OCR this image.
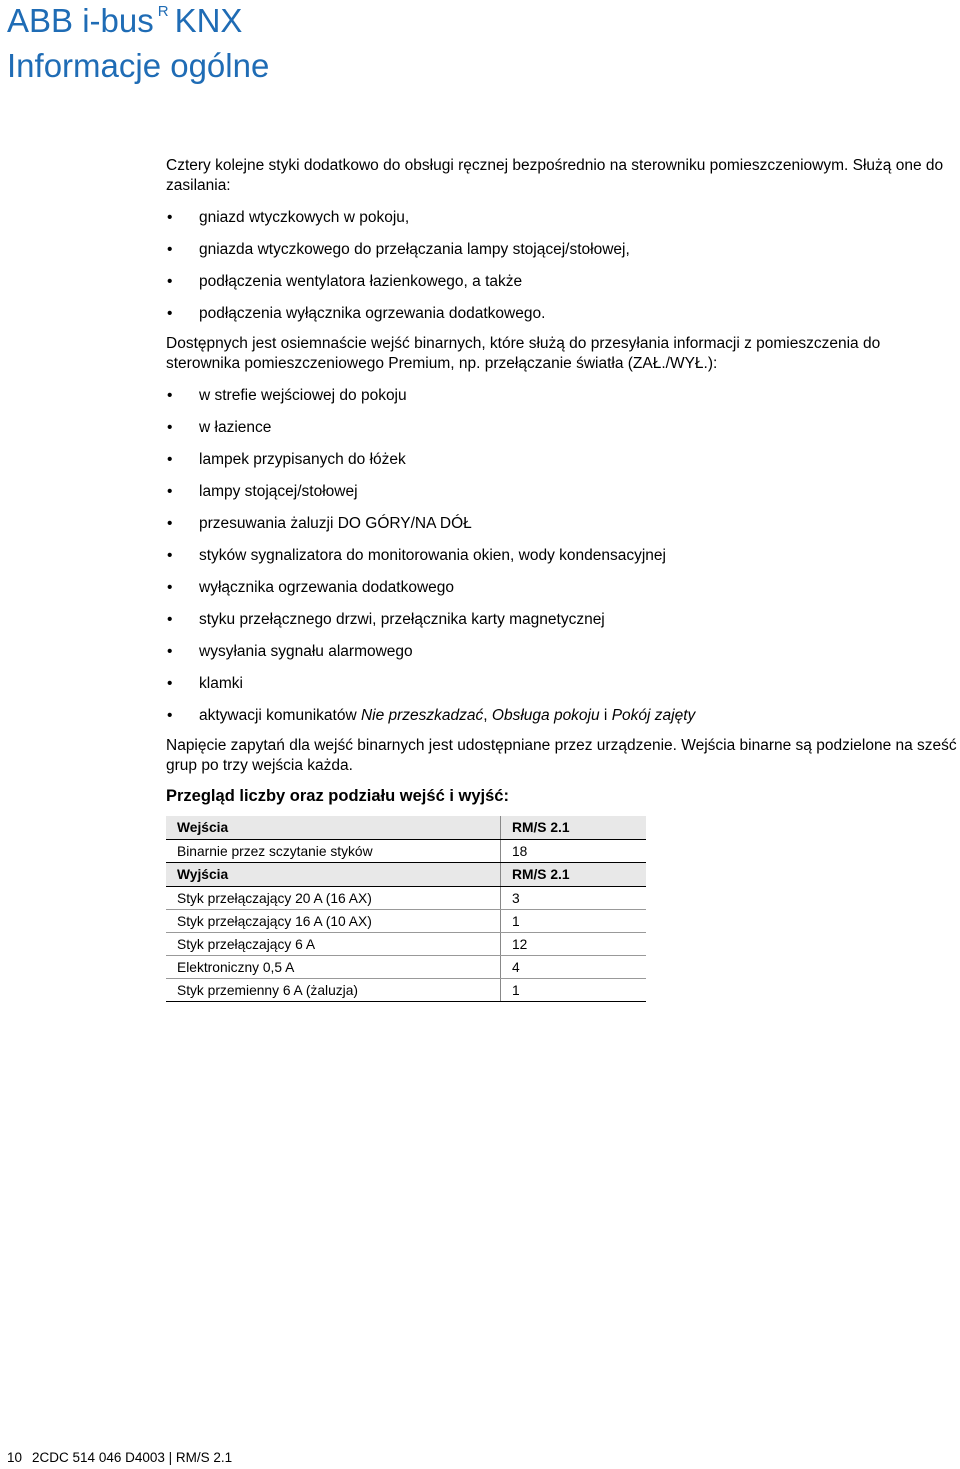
ABB i-bus R KNX
Informacje ogólne

Cztery kolejne styki dodatkowo do obsługi ręcznej bezpośrednio na sterowniku pomieszczeniowym. Służą one do zasilania:

• gniazd wtyczkowych w pokoju,
• gniazda wtyczkowego do przełączania lampy stojącej/stołowej,
• podłączenia wentylatora łazienkowego, a także
• podłączenia wyłącznika ogrzewania dodatkowego.

Dostępnych jest osiemnaście wejść binarnych, które służą do przesyłania informacji z pomieszczenia do sterownika pomieszczeniowego Premium, np. przełączanie światła (ZAŁ./WYŁ.):

• w strefie wejściowej do pokoju
• w łazience
• lampek przypisanych do łóżek
• lampy stojącej/stołowej
• przesuwania żaluzji DO GÓRY/NA DÓŁ
• styków sygnalizatora do monitorowania okien, wody kondensacyjnej
• wyłącznika ogrzewania dodatkowego
• styku przełącznego drzwi, przełącznika karty magnetycznej
• wysyłania sygnału alarmowego
• klamki
• aktywacji komunikatów Nie przeszkadzać, Obsługa pokoju i Pokój zajęty

Napięcie zapytań dla wejść binarnych jest udostępniane przez urządzenie. Wejścia binarne są podzielone na sześć grup po trzy wejścia każda.

Przegląd liczby oraz podziału wejść i wyjść:
Wejścia	RM/S 2.1
Binarnie przez sczytanie styków	18
Wyjścia	RM/S 2.1
Styk przełączający 20 A (16 AX)	3
Styk przełączający 16 A (10 AX)	1
Styk przełączający 6 A	12
Elektroniczny 0,5 A	4
Styk przemienny 6 A (żaluzja)	1
10 2CDC 514 046 D4003 | RM/S 2.1
